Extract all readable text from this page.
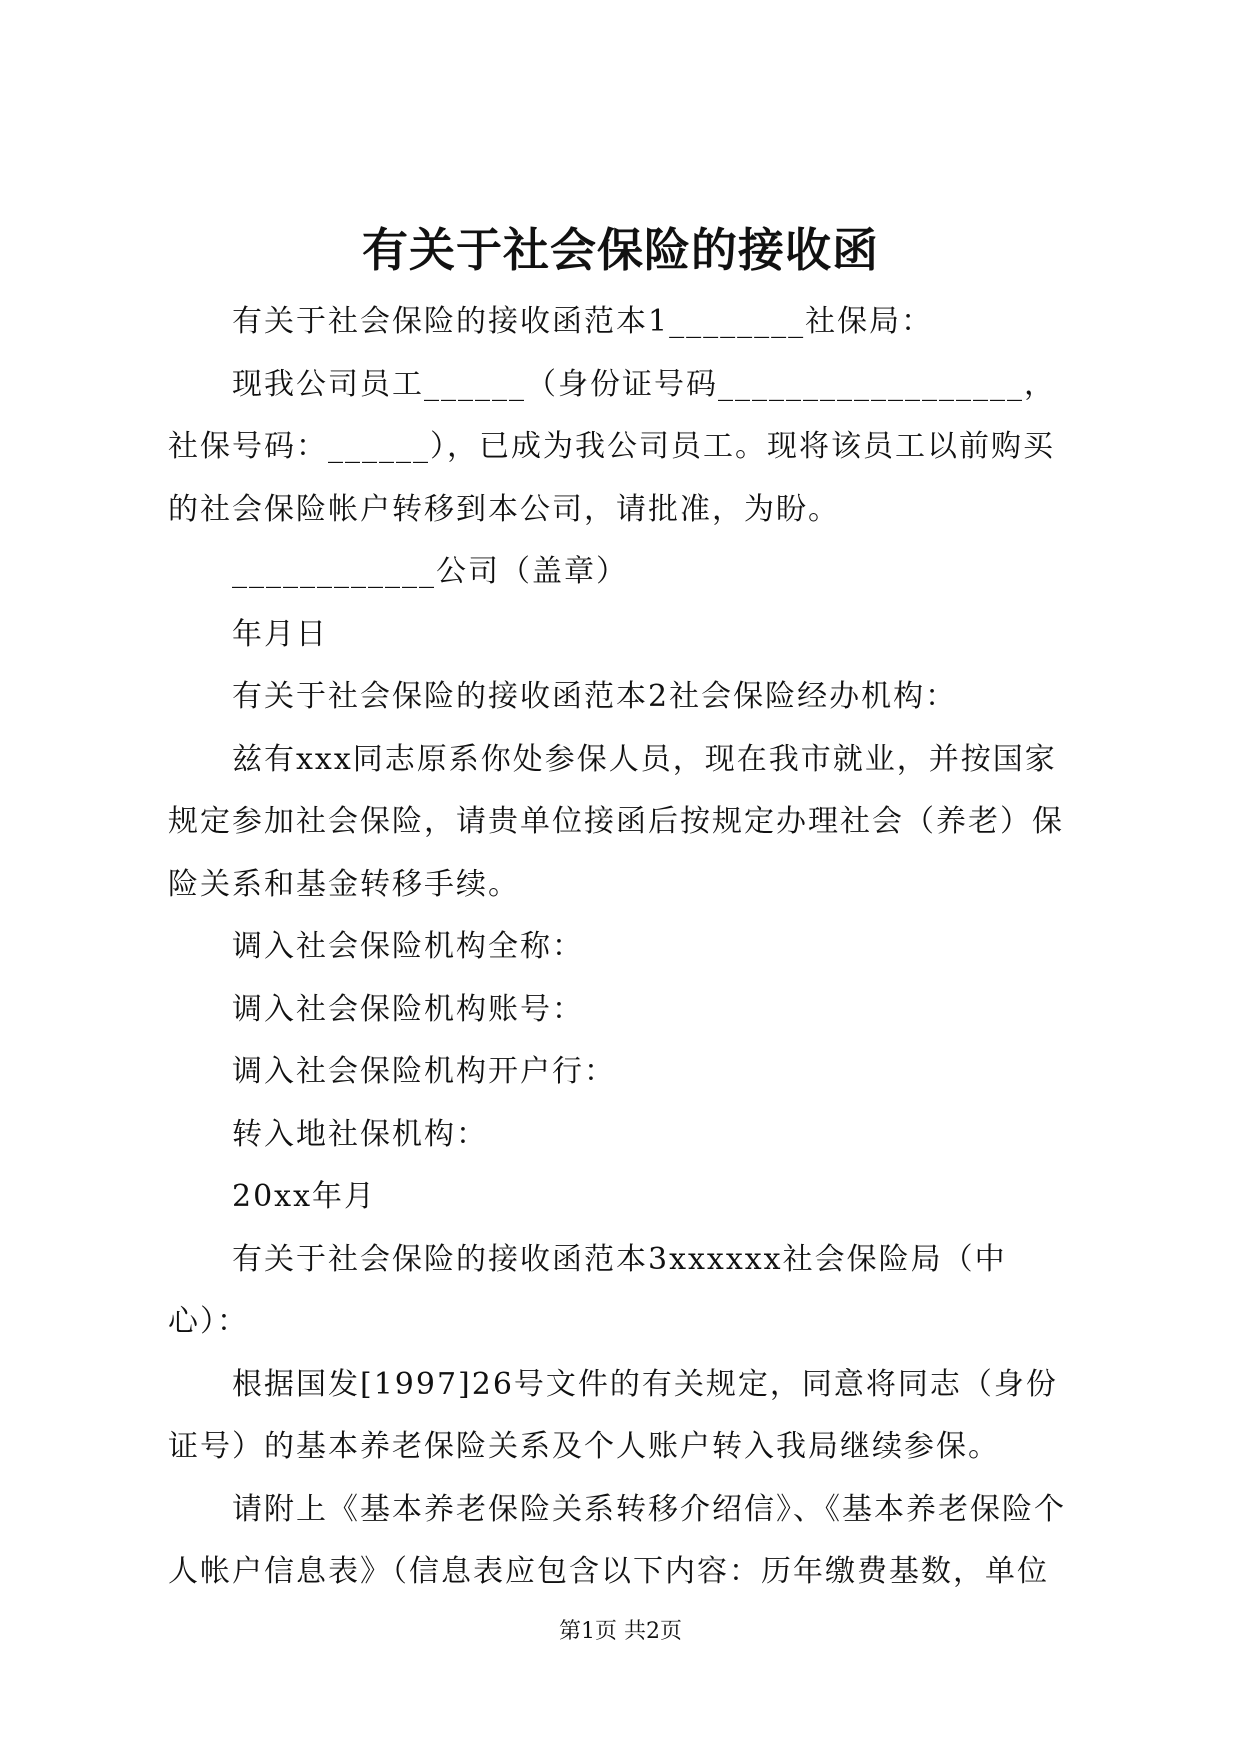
有关于社会保险的接收函

有关于社会保险的接收函范本1________社保局：

现我公司员工______（身份证号码__________________，社保号码：______），已成为我公司员工。现将该员工以前购买的社会保险帐户转移到本公司，请批准，为盼。

____________公司（盖章）

年月日

有关于社会保险的接收函范本2社会保险经办机构：

兹有xxx同志原系你处参保人员，现在我市就业，并按国家规定参加社会保险，请贵单位接函后按规定办理社会（养老）保险关系和基金转移手续。

调入社会保险机构全称：

调入社会保险机构账号：

调入社会保险机构开户行：

转入地社保机构：

20xx年月

有关于社会保险的接收函范本3xxxxxx社会保险局（中心）：

根据国发[1997]26号文件的有关规定，同意将同志（身份证号）的基本养老保险关系及个人账户转入我局继续参保。

请附上《基本养老保险关系转移介绍信》、《基本养老保险个人帐户信息表》（信息表应包含以下内容：历年缴费基数，单位

第1页 共2页
